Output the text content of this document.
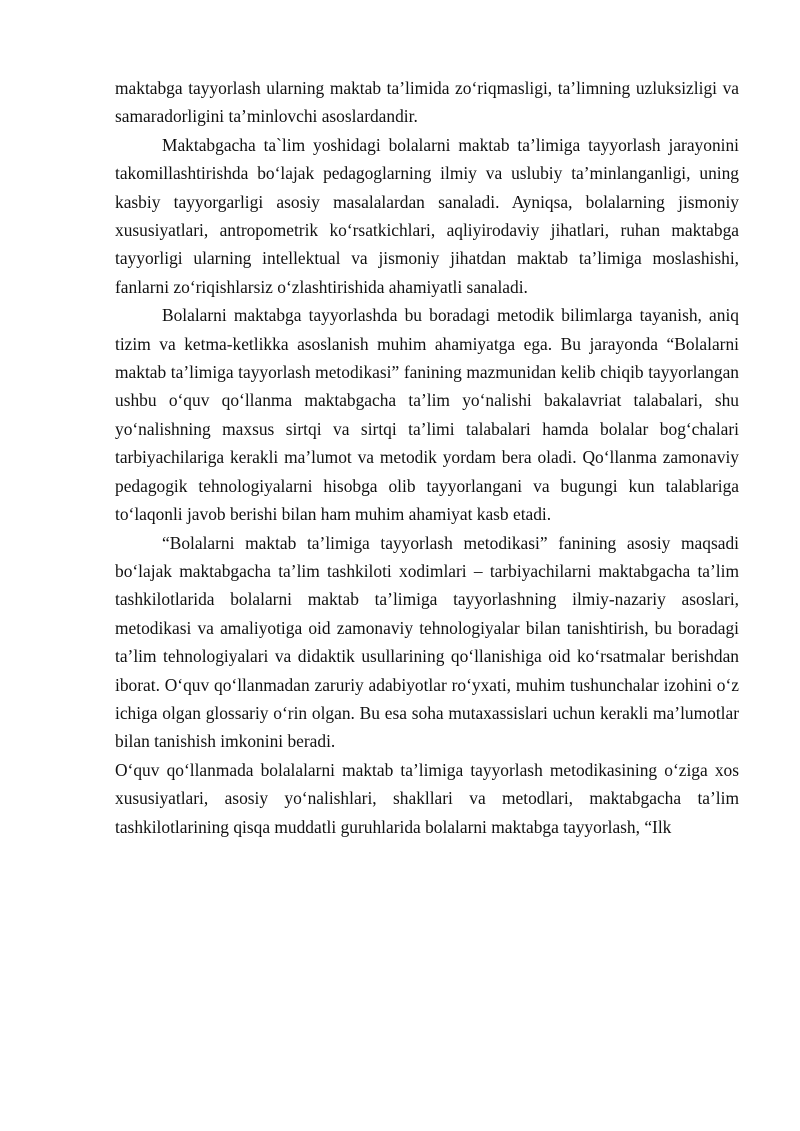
maktabga tayyorlash ularning maktab ta’limida zo‘riqmasligi, ta’limning uzluksizligi va samaradorligini ta’minlovchi asoslardandir.

Maktabgacha ta`lim yoshidagi bolalarni maktab ta’limiga tayyorlash jarayonini takomillashtirishda bo‘lajak pedagoglarning ilmiy va uslubiy ta’minlanganligi, uning kasbiy tayyorgarligi asosiy masalalardan sanaladi. Ayniqsa, bolalarning jismoniy xususiyatlari, antropometrik ko‘rsatkichlari, aqliyirodaviy jihatlari, ruhan maktabga tayyorligi ularning intellektual va jismoniy jihatdan maktab ta’limiga moslashishi, fanlarni zo‘riqishlarsiz o‘zlashtirishida ahamiyatli sanaladi.

Bolalarni maktabga tayyorlashda bu boradagi metodik bilimlarga tayanish, aniq tizim va ketma-ketlikka asoslanish muhim ahamiyatga ega. Bu jarayonda “Bolalarni maktab ta’limiga tayyorlash metodikasi” fanining mazmunidan kelib chiqib tayyorlangan ushbu o‘quv qo‘llanma maktabgacha ta’lim yo‘nalishi bakalavriat talabalari, shu yo‘nalishning maxsus sirtqi va sirtqi ta’limi talabalari hamda bolalar bog‘chalari tarbiyachilariga kerakli ma’lumot va metodik yordam bera oladi. Qo‘llanma zamonaviy pedagogik tehnologiyalarni hisobga olib tayyorlangani va bugungi kun talablariga to‘laqonli javob berishi bilan ham muhim ahamiyat kasb etadi.

“Bolalarni maktab ta’limiga tayyorlash metodikasi” fanining asosiy maqsadi bo‘lajak maktabgacha ta’lim tashkiloti xodimlari – tarbiyachilarni maktabgacha ta’lim tashkilotlarida bolalarni maktab ta’limiga tayyorlashning ilmiy-nazariy asoslari, metodikasi va amaliyotiga oid zamonaviy tehnologiyalar bilan tanishtirish, bu boradagi ta’lim tehnologiyalari va didaktik usullarining qo‘llanishiga oid ko‘rsatmalar berishdan iborat. O‘quv qo‘llanmadan zaruriy adabiyotlar ro‘yxati, muhim tushunchalar izohini o‘z ichiga olgan glossariy o‘rin olgan. Bu esa soha mutaxassislari uchun kerakli ma’lumotlar bilan tanishish imkonini beradi.

O‘quv qo‘llanmada bolalalarni maktab ta’limiga tayyorlash metodikasining o‘ziga xos xususiyatlari, asosiy yo‘nalishlari, shakllari va metodlari, maktabgacha ta’lim tashkilotlarining qisqa muddatli guruhlarida bolalarni maktabga tayyorlash, “Ilk
